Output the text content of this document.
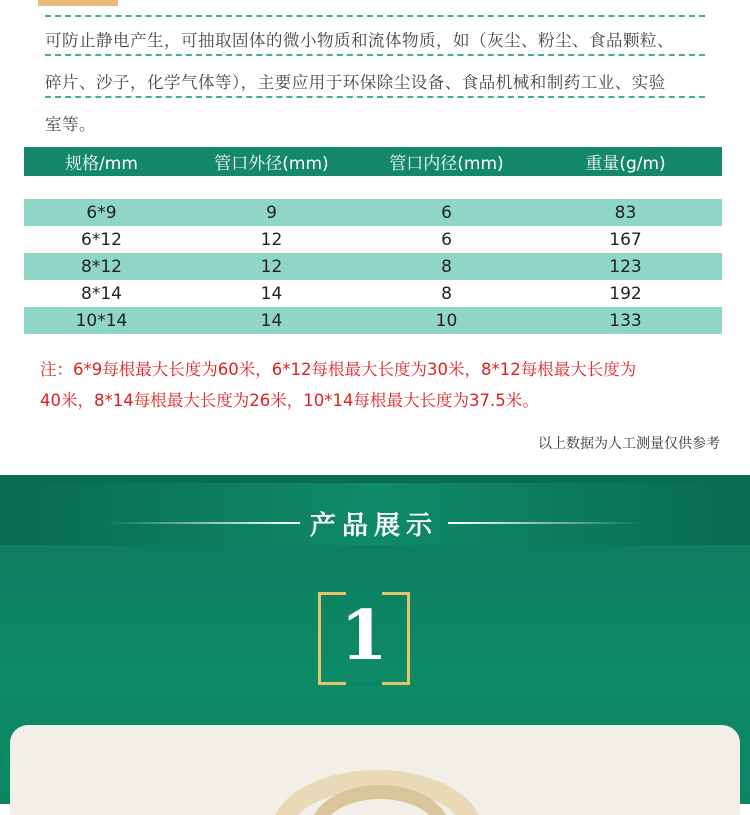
可防止静电产生，可抽取固体的微小物质和流体物质，如（灰尘、粉尘、食品颗粒、
碎片、沙子，化学气体等），主要应用于环保除尘设备、食品机械和制药工业、实验
室等。
规格/mm	管口外径(mm)	管口内径(mm)	重量(g/m)
6*9	9	6	83
6*12	12	6	167
8*12	12	8	123
8*14	14	8	192
10*14	14	10	133
注：6*9每根最大长度为60米，6*12每根最大长度为30米，8*12每根最大长度为
40米，8*14每根最大长度为26米，10*14每根最大长度为37.5米。
以上数据为人工测量仅供参考
产品展示
1
